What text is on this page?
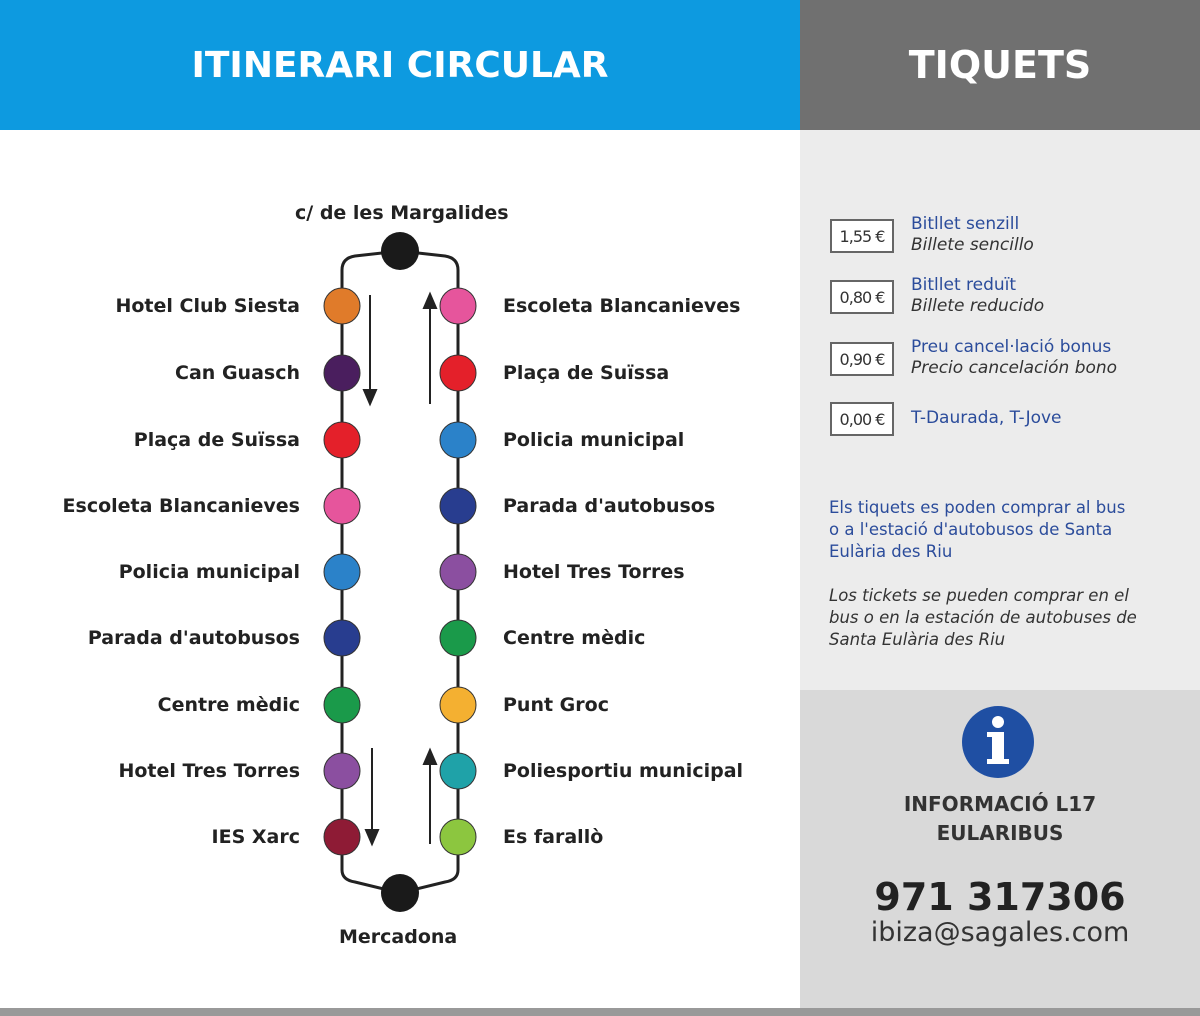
ITINERARI CIRCULAR	TIQUETS
c/ de les Margalides
Mercadona
Hotel Club Siesta
Can Guasch
Plaça de Suïssa
Escoleta Blancanieves
Policia municipal
Parada d'autobusos
Centre mèdic
Hotel Tres Torres
IES Xarc
Escoleta Blancanieves
Plaça de Suïssa
Policia municipal
Parada d'autobusos
Hotel Tres Torres
Centre mèdic
Punt Groc
Poliesportiu municipal
Es farallò
1,55 €
Bitllet senzill
Billete sencillo
0,80 €
Bitllet reduït
Billete reducido
0,90 €
Preu cancel·lació bonus
Precio cancelación bono
0,00 €	T-Daurada, T-Jove
Els tiquets es poden comprar al bus o a l'estació d'autobusos de Santa Eulària des Riu
Los tickets se pueden comprar en el bus o en la estación de autobuses de Santa Eulària des Riu
INFORMACIÓ L17
EULARIBUS
971 317306
ibiza@sagales.com
